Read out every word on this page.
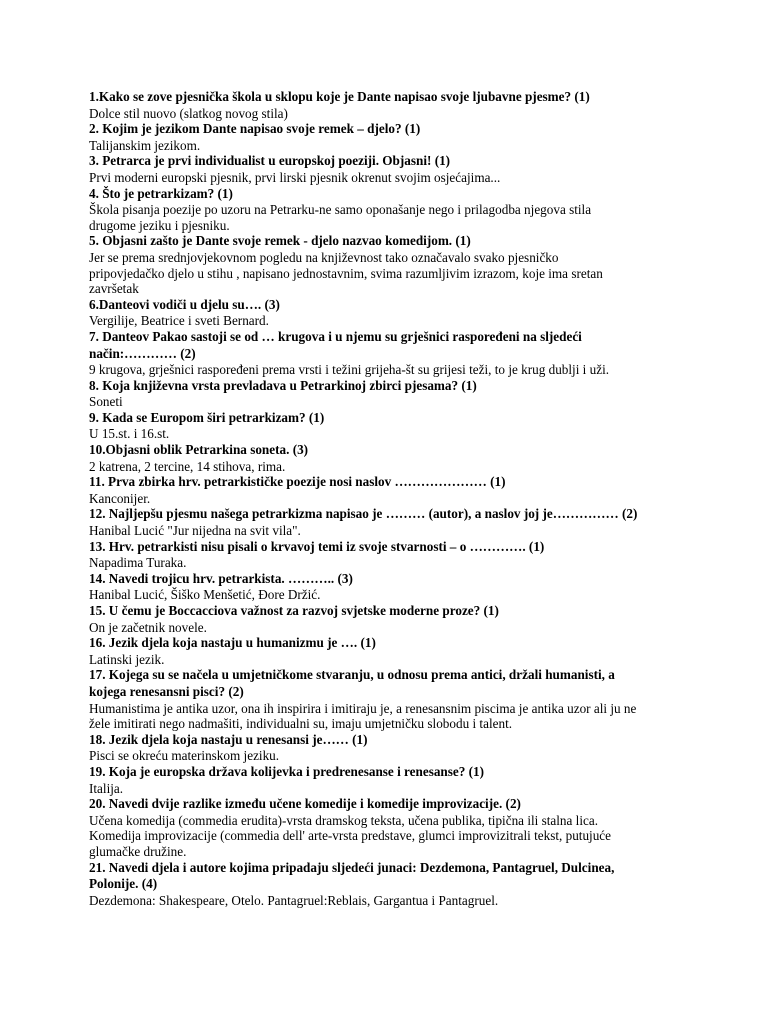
1.Kako se zove pjesnička škola u sklopu koje je Dante napisao svoje ljubavne pjesme? (1)
Dolce stil nuovo (slatkog novog stila)
2. Kojim je jezikom Dante napisao svoje remek – djelo? (1)
Talijanskim jezikom.
3. Petrarca je prvi individualist u europskoj poeziji. Objasni! (1)
Prvi moderni europski pjesnik, prvi lirski pjesnik okrenut svojim osjećajima...
4. Što je petrarkizam? (1)
Škola pisanja poezije po uzoru na Petrarku-ne samo oponašanje nego i prilagodba njegova stila
drugome jeziku i pjesniku.
5. Objasni zašto je Dante svoje remek - djelo nazvao komedijom. (1)
Jer se prema srednjovjekovnom pogledu na književnost tako označavalo svako pjesničko
pripovjedačko djelo u stihu , napisano jednostavnim, svima razumljivim izrazom, koje ima sretan
završetak
6.Danteovi vodiči u djelu su…. (3)
Vergilije, Beatrice i sveti Bernard.
7. Danteov Pakao sastoji se od … krugova i u njemu su grješnici raspoređeni na sljedeći
način:………… (2)
9 krugova, grješnici raspoređeni prema vrsti i težini grijeha-št su grijesi teži, to je krug dublji i uži.
8. Koja književna vrsta prevladava u Petrarkinoj zbirci pjesama? (1)
Soneti
9. Kada se Europom širi petrarkizam? (1)
U 15.st. i 16.st.
10.Objasni oblik Petrarkina soneta. (3)
2 katrena, 2 tercine, 14 stihova, rima.
11. Prva zbirka hrv. petrarkističke poezije nosi naslov ………………… (1)
Kanconijer.
12. Najljepšu pjesmu našega petrarkizma napisao je ……… (autor), a naslov joj je…………… (2)
Hanibal Lucić "Jur nijedna na svit vila".
13. Hrv. petrarkisti nisu pisali o krvavoj temi iz svoje stvarnosti – o …………. (1)
Napadima Turaka.
14. Navedi trojicu hrv. petrarkista. ……….. (3)
Hanibal Lucić, Šiško Menšetić, Đore Držić.
15. U čemu je Boccacciova važnost za razvoj svjetske moderne proze? (1)
On je začetnik novele.
16. Jezik djela koja nastaju u humanizmu je …. (1)
Latinski jezik.
17. Kojega su se načela u umjetničkome stvaranju, u odnosu prema antici, držali humanisti, a
kojega renesansni pisci? (2)
Humanistima je antika uzor, ona ih inspirira i imitiraju je, a renesansnim piscima je antika uzor ali ju ne
žele imitirati nego nadmašiti, individualni su, imaju umjetničku slobodu i talent.
18. Jezik djela koja nastaju u renesansi je…… (1)
Pisci se okreću materinskom jeziku.
19. Koja je europska država kolijevka i predrenesanse i renesanse? (1)
Italija.
20. Navedi dvije razlike između učene komedije i komedije improvizacije. (2)
Učena komedija (commedia erudita)-vrsta dramskog teksta, učena publika, tipična ili stalna lica.
Komedija improvizacije (commedia dell' arte-vrsta predstave, glumci improvizitrali tekst, putujuće
glumačke družine.
21. Navedi djela i autore kojima pripadaju sljedeći junaci: Dezdemona, Pantagruel, Dulcinea,
Polonije. (4)
Dezdemona: Shakespeare, Otelo. Pantagruel:Reblais, Gargantua i Pantagruel.
